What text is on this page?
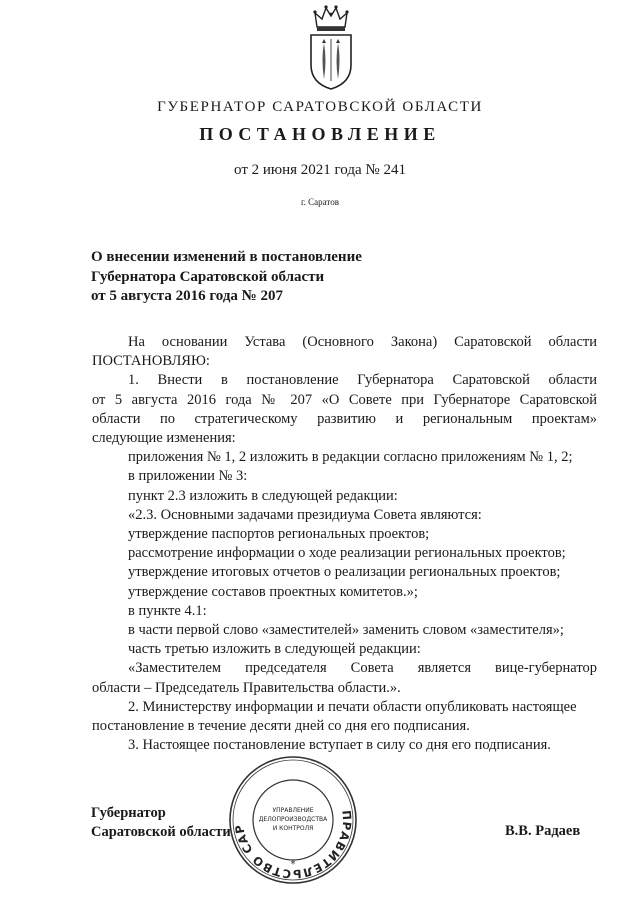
ГУБЕРНАТОР САРАТОВСКОЙ ОБЛАСТИ
ПОСТАНОВЛЕНИЕ
от 2 июня 2021 года № 241
г. Саратов
О внесении изменений в постановление
Губернатора Саратовской области
от 5 августа 2016 года № 207

На основании Устава (Основного Закона) Саратовской области

ПОСТАНОВЛЯЮ:

1. Внести в постановление Губернатора Саратовской области

от 5 августа 2016 года № 207 «О Совете при Губернаторе Саратовской

области по стратегическому развитию и региональным проектам»

следующие изменения:

приложения № 1, 2 изложить в редакции согласно приложениям № 1, 2;

в приложении № 3:

пункт 2.3 изложить в следующей редакции:

«2.3. Основными задачами президиума Совета являются:

утверждение паспортов региональных проектов;

рассмотрение информации о ходе реализации региональных проектов;

утверждение итоговых отчетов о реализации региональных проектов;

утверждение составов проектных комитетов.»;

в пункте 4.1:

в части первой слово «заместителей» заменить словом «заместителя»;

часть третью изложить в следующей редакции:

«Заместителем председателя Совета является вице-губернатор

области – Председатель Правительства области.».

2. Министерству информации и печати области опубликовать настоящее

постановление в течение десяти дней со дня его подписания.

3. Настоящее постановление вступает в силу со дня его подписания.

ПРАВИТЕЛЬСТВО САР
УПРАВЛЕНИЕ
ДЕЛОПРОИЗВОДСТВА
И КОНТРОЛЯ
*
Губернатор
Саратовской области	В.В. Радаев
